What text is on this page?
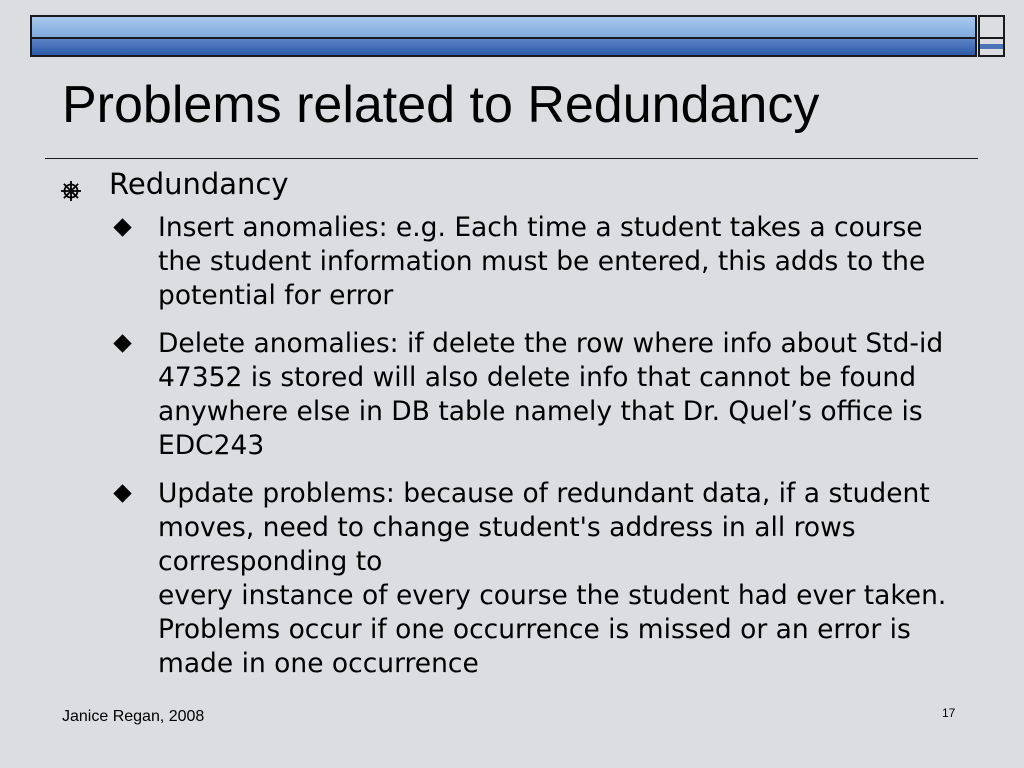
Problems related to Redundancy
Redundancy
Insert anomalies: e.g. Each time a student takes a course the student information must be entered, this adds to the potential for error
Delete anomalies: if delete the row where info about Std-id 47352 is stored will also delete info that cannot be found anywhere else in DB table namely that Dr. Quel’s office is EDC243
Update problems: because of redundant data, if a student moves, need to change student's address in all rows corresponding to
every instance of every course the student had ever taken. Problems occur if one occurrence is missed or an error is made in one occurrence
Janice Regan, 2008	17
